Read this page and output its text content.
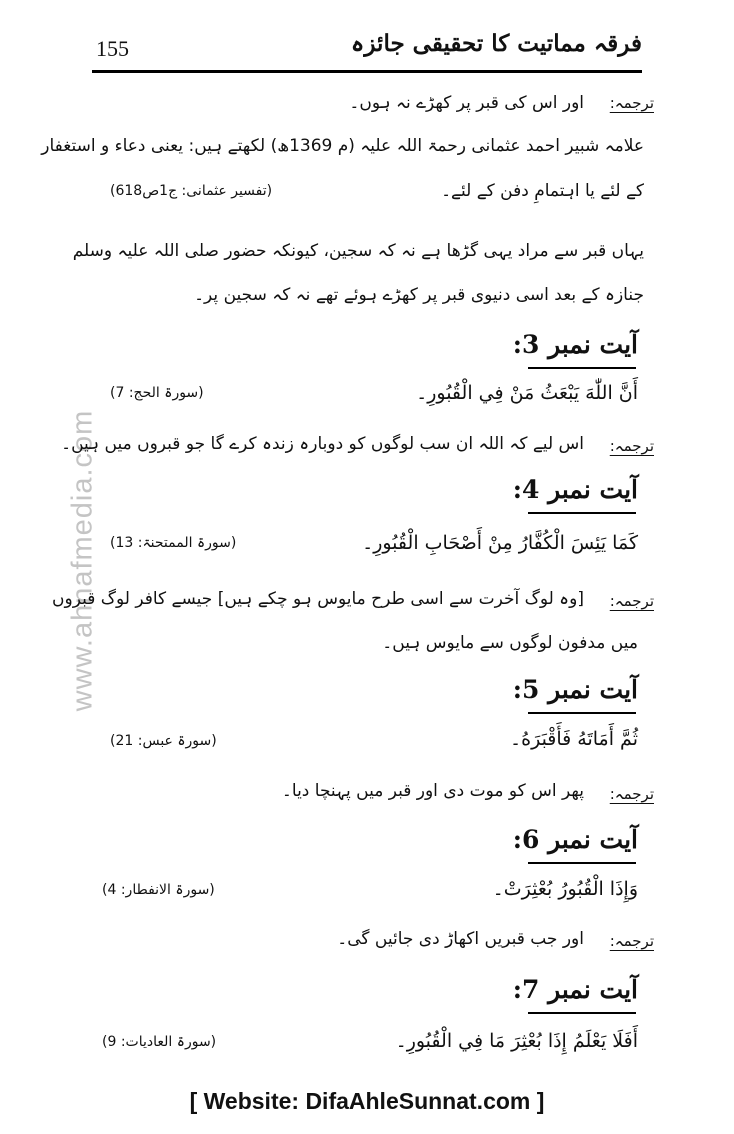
فرقہ مماتیت کا تحقیقی جائزہ
155
www.ahnafmedia.com
ترجمہ:
اور اس کی قبر پر کھڑے نہ ہوں۔
علامہ شبیر احمد عثمانی رحمۃ اللہ علیہ (م 1369ھ) لکھتے ہیں: یعنی دعاء و استغفار
کے لئے یا اہتمامِ دفن کے لئے۔
(تفسیر عثمانی: ج1ص618)
یہاں قبر سے مراد یہی گڑھا ہے نہ کہ سجین، کیونکہ حضور صلی اللہ علیہ وسلم
جنازہ کے بعد اسی دنیوی قبر پر کھڑے ہوئے تھے نہ کہ سجین پر۔
آیت نمبر 3:
أَنَّ اللّٰهَ يَبْعَثُ مَنْ فِي الْقُبُورِ۔
(سورۃ الحج: 7)
ترجمہ:
اس لیے کہ اللہ ان سب لوگوں کو دوبارہ زندہ کرے گا جو قبروں میں ہیں۔
آیت نمبر 4:
كَمَا يَئِسَ الْكُفَّارُ مِنْ أَصْحَابِ الْقُبُورِ۔
(سورۃ الممتحنۃ: 13)
ترجمہ:
[وہ لوگ آخرت سے اسی طرح مایوس ہو چکے ہیں] جیسے کافر لوگ قبروں
میں مدفون لوگوں سے مایوس ہیں۔
آیت نمبر 5:
ثُمَّ أَمَاتَهُ فَأَقْبَرَهُ۔
(سورۃ عبس: 21)
ترجمہ:
پھر اس کو موت دی اور قبر میں پہنچا دیا۔
آیت نمبر 6:
وَإِذَا الْقُبُورُ بُعْثِرَتْ۔
(سورۃ الانفطار: 4)
ترجمہ:
اور جب قبریں اکھاڑ دی جائیں گی۔
آیت نمبر 7:
أَفَلَا يَعْلَمُ إِذَا بُعْثِرَ مَا فِي الْقُبُورِ۔
(سورۃ العادیات: 9)
[ Website: DifaAhleSunnat.com ]
